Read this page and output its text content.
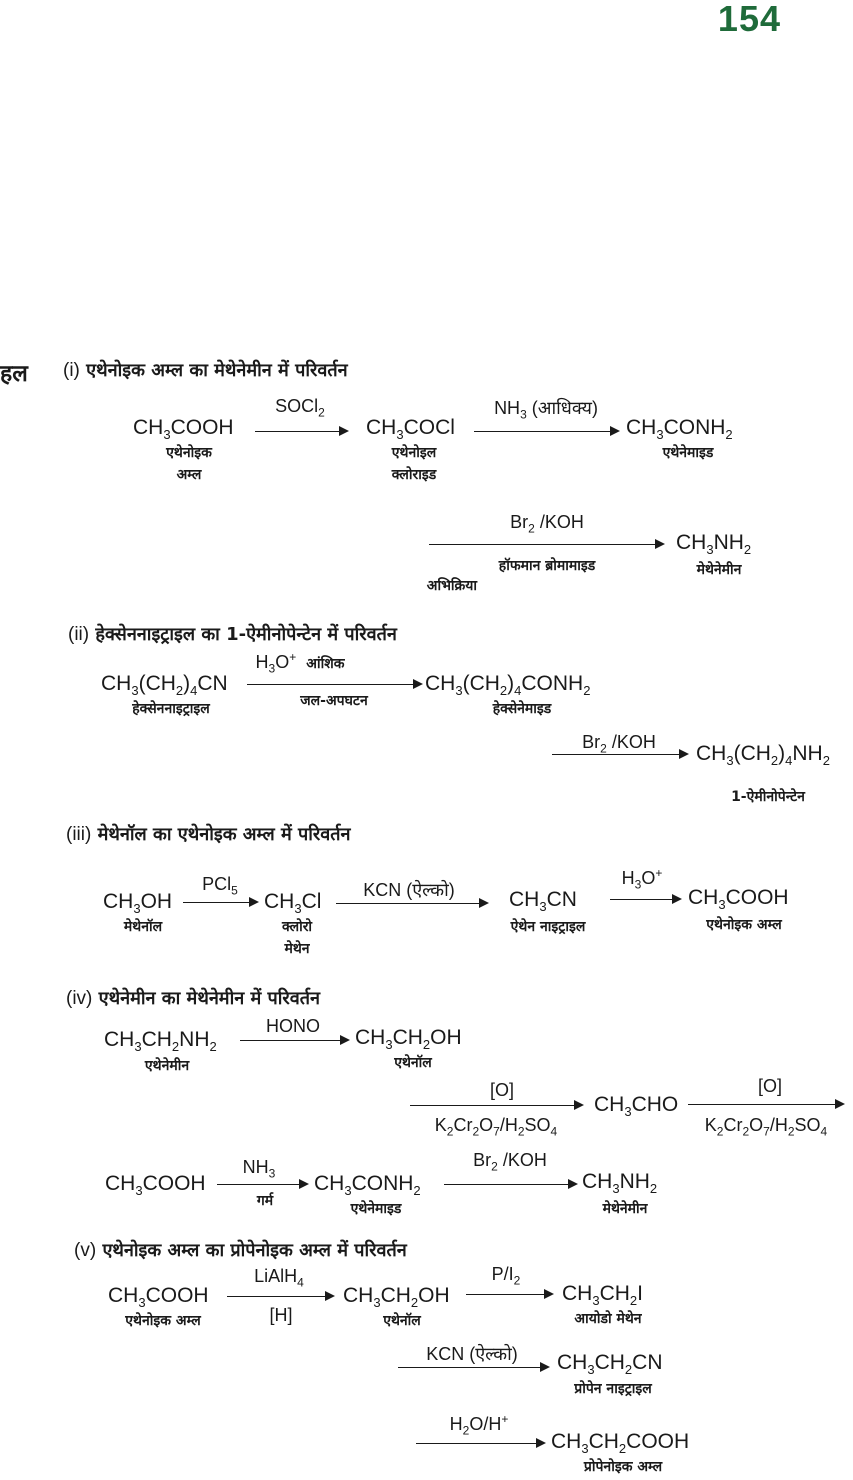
154
हल (i) एथेनोइक अम्ल का मेथेनेमीन में परिवर्तन
$CH_3COOH$
एथेनोइक
अम्ल
SOCl$_2$
$CH_3COCl$
एथेनोइल
क्लोराइड
$NH_3$ (आधिक्य)
$CH_3CONH_2$
एथेनेमाइड
$Br_2$ /KOH
हॉफमान ब्रोमामाइड
अभिक्रिया
$CH_3NH_2$
मेथेनेमीन
(ii) हेक्सेननाइट्राइल का 1-ऐमीनोपेन्टेन में परिवर्तन
$CH_3(CH_2)_4CN$
हेक्सेननाइट्राइल
$H_3O^+$ आंशिक
जल-अपघटन
$CH_3(CH_2)_4CONH_2$
हेक्सेनेमाइड
$Br_2$ /KOH $CH_3(CH_2)_4NH_2$
1-ऐमीनोपेन्टेन
(iii) मेथेनॉल का एथेनोइक अम्ल में परिवर्तन
$CH_3OH$
मेथेनॉल
PCl$_5$ $CH_3Cl$
क्लोरो
मेथेन
KCN (ऐल्को)	$CH_3CN$
ऐथेन नाइट्राइल
$H_3O^+$
$CH_3COOH$
एथेनोइक अम्ल
(iv) एथेनेमीन का मेथेनेमीन में परिवर्तन
$CH_3CH_2NH_2$
एथेनेमीन
HONO $CH_3CH_2OH$
एथेनॉल
[O]
$K_2Cr_2O_7/H_2SO_4$
$CH_3CHO$
[O]
$K_2Cr_2O_7/H_2SO_4$
$CH_3COOH$
$NH_3$
गर्म
$CH_3CONH_2$
एथेनेमाइड
$Br_2$ /KOH
$CH_3NH_2$
मेथेनेमीन
(v) एथेनोइक अम्ल का प्रोपेनोइक अम्ल में परिवर्तन
$CH_3COOH$
एथेनोइक अम्ल
LiAlH$_4$
[H]
$CH_3CH_2OH$
एथेनॉल
$P/I_2$
$CH_3CH_2I$
आयोडो मेथेन
KCN (ऐल्को) $CH_3CH_2CN$
प्रोपेन नाइट्राइल
$H_2O/H^+$
$CH_3CH_2COOH$
प्रोपेनोइक अम्ल
